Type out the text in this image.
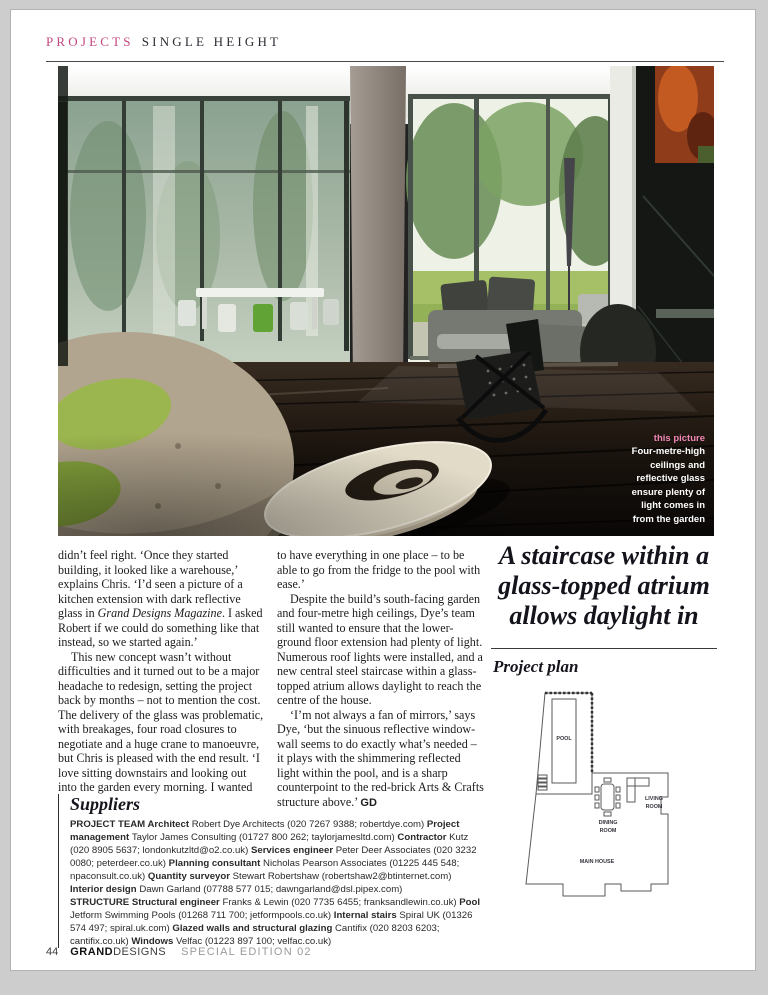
PROJECTS SINGLE HEIGHT
this picture
Four-metre-high
ceilings and
reflective glass
ensure plenty of
light comes in
from the garden

didn’t feel right. ‘Once they started building, it looked like a warehouse,’ explains Chris. ‘I’d seen a picture of a kitchen extension with dark reflective glass in Grand Designs Magazine. I asked Robert if we could do something like that instead, so we started again.’

This new concept wasn’t without difficulties and it turned out to be a major headache to redesign, setting the project back by months – not to mention the cost. The delivery of the glass was problematic, with breakages, four road closures to negotiate and a huge crane to manoeuvre, but Chris is pleased with the end result. ‘I love sitting downstairs and looking out into the garden every morning. I wanted

to have everything in one place – to be able to go from the fridge to the pool with ease.’

Despite the build’s south-facing garden and four-metre high ceilings, Dye’s team still wanted to ensure that the lower-ground floor extension had plenty of light. Numerous roof lights were installed, and a new central steel staircase within a glass-topped atrium allows daylight to reach the centre of the house.

‘I’m not always a fan of mirrors,’ says Dye, ‘but the sinuous reflective window-wall seems to do exactly what’s needed – it plays with the shimmering reflected light within the pool, and is a sharp counterpoint to the red-brick Arts & Crafts structure above.’ GD

A staircase within a glass-topped atrium allows daylight in

Project plan
POOL
DINING
ROOM
LIVING
ROOM
MAIN HOUSE
Suppliers

PROJECT TEAM Architect Robert Dye Architects (020 7267 9388; robertdye.com) Project management Taylor James Consulting (01727 800 262; taylorjamesltd.com) Contractor Kutz (020 8905 5637; londonkutzltd@o2.co.uk) Services engineer Peter Deer Associates (020 3232 0080; peterdeer.co.uk) Planning consultant Nicholas Pearson Associates (01225 445 548; npaconsult.co.uk) Quantity surveyor Stewart Robertshaw (robertshaw2@btinternet.com) Interior design Dawn Garland (07788 577 015; dawngarland@dsl.pipex.com)

STRUCTURE Structural engineer Franks & Lewin (020 7735 6455; franksandlewin.co.uk) Pool Jetform Swimming Pools (01268 711 700; jetformpools.co.uk) Internal stairs Spiral UK (01326 574 497; spiral.uk.com) Glazed walls and structural glazing Cantifix (020 8203 6203; cantifix.co.uk) Windows Velfac (01223 897 100; velfac.co.uk)

44 GRANDDESIGNS SPECIAL EDITION 02
